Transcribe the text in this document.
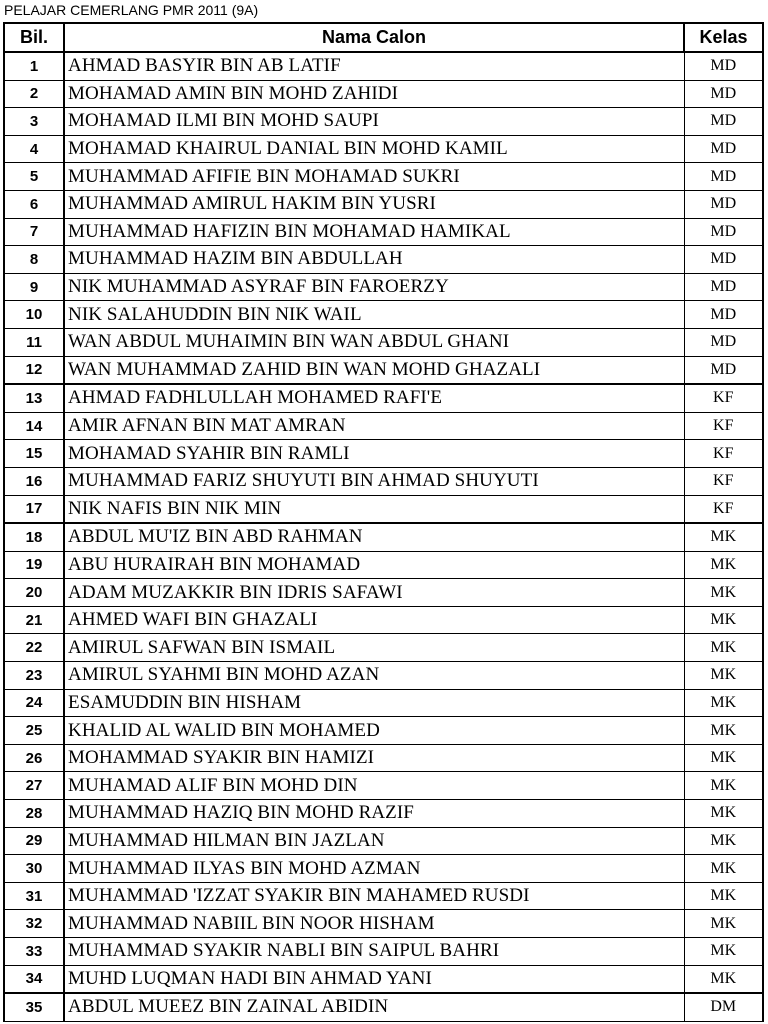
PELAJAR CEMERLANG PMR 2011 (9A)
Bil.	Nama Calon	Kelas
1	AHMAD BASYIR BIN AB LATIF	MD
2	MOHAMAD AMIN BIN MOHD ZAHIDI	MD
3	MOHAMAD ILMI BIN MOHD SAUPI	MD
4	MOHAMAD KHAIRUL DANIAL BIN MOHD KAMIL	MD
5	MUHAMMAD AFIFIE BIN MOHAMAD SUKRI	MD
6	MUHAMMAD AMIRUL HAKIM BIN YUSRI	MD
7	MUHAMMAD HAFIZIN BIN MOHAMAD HAMIKAL	MD
8	MUHAMMAD HAZIM BIN ABDULLAH	MD
9	NIK MUHAMMAD ASYRAF BIN FAROERZY	MD
10	NIK SALAHUDDIN BIN NIK WAIL	MD
11	WAN ABDUL MUHAIMIN BIN WAN ABDUL GHANI	MD
12	WAN MUHAMMAD ZAHID BIN WAN MOHD GHAZALI	MD
13	AHMAD FADHLULLAH MOHAMED RAFI'E	KF
14	AMIR AFNAN BIN MAT AMRAN	KF
15	MOHAMAD SYAHIR BIN RAMLI	KF
16	MUHAMMAD FARIZ SHUYUTI BIN AHMAD SHUYUTI	KF
17	NIK NAFIS BIN NIK MIN	KF
18	ABDUL MU'IZ BIN ABD RAHMAN	MK
19	ABU HURAIRAH BIN MOHAMAD	MK
20	ADAM MUZAKKIR BIN IDRIS SAFAWI	MK
21	AHMED WAFI BIN GHAZALI	MK
22	AMIRUL SAFWAN BIN ISMAIL	MK
23	AMIRUL SYAHMI BIN MOHD AZAN	MK
24	ESAMUDDIN BIN HISHAM	MK
25	KHALID AL WALID BIN MOHAMED	MK
26	MOHAMMAD SYAKIR BIN HAMIZI	MK
27	MUHAMAD ALIF BIN MOHD DIN	MK
28	MUHAMMAD HAZIQ BIN MOHD RAZIF	MK
29	MUHAMMAD HILMAN BIN JAZLAN	MK
30	MUHAMMAD ILYAS BIN MOHD AZMAN	MK
31	MUHAMMAD 'IZZAT SYAKIR BIN MAHAMED RUSDI	MK
32	MUHAMMAD NABIIL BIN NOOR HISHAM	MK
33	MUHAMMAD SYAKIR NABLI BIN SAIPUL BAHRI	MK
34	MUHD LUQMAN HADI BIN AHMAD YANI	MK
35	ABDUL MUEEZ BIN ZAINAL ABIDIN	DM
